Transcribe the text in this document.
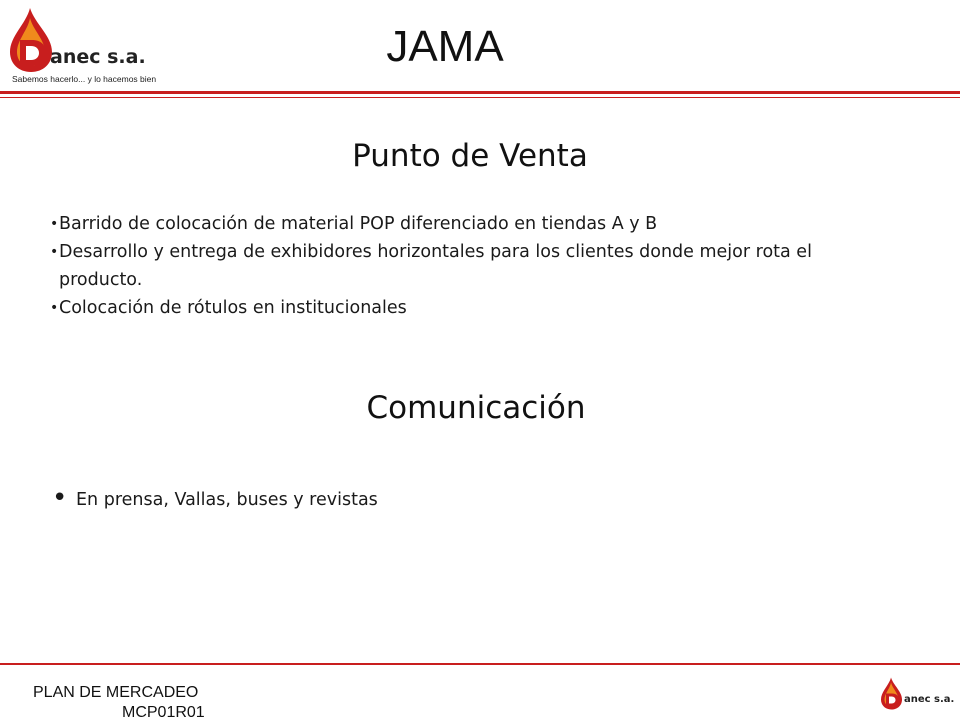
anec s.a.
Sabemos hacerlo... y lo hacemos bien
JAMA
Punto de Venta
• Barrido de colocación de material POP diferenciado en tiendas A y B
• Desarrollo y entrega de exhibidores horizontales para los clientes donde mejor rota el producto.
• Colocación de rótulos en institucionales
Comunicación
• En prensa, Vallas, buses y revistas
PLAN DE MERCADEO
MCP01R01
anec s.a.
